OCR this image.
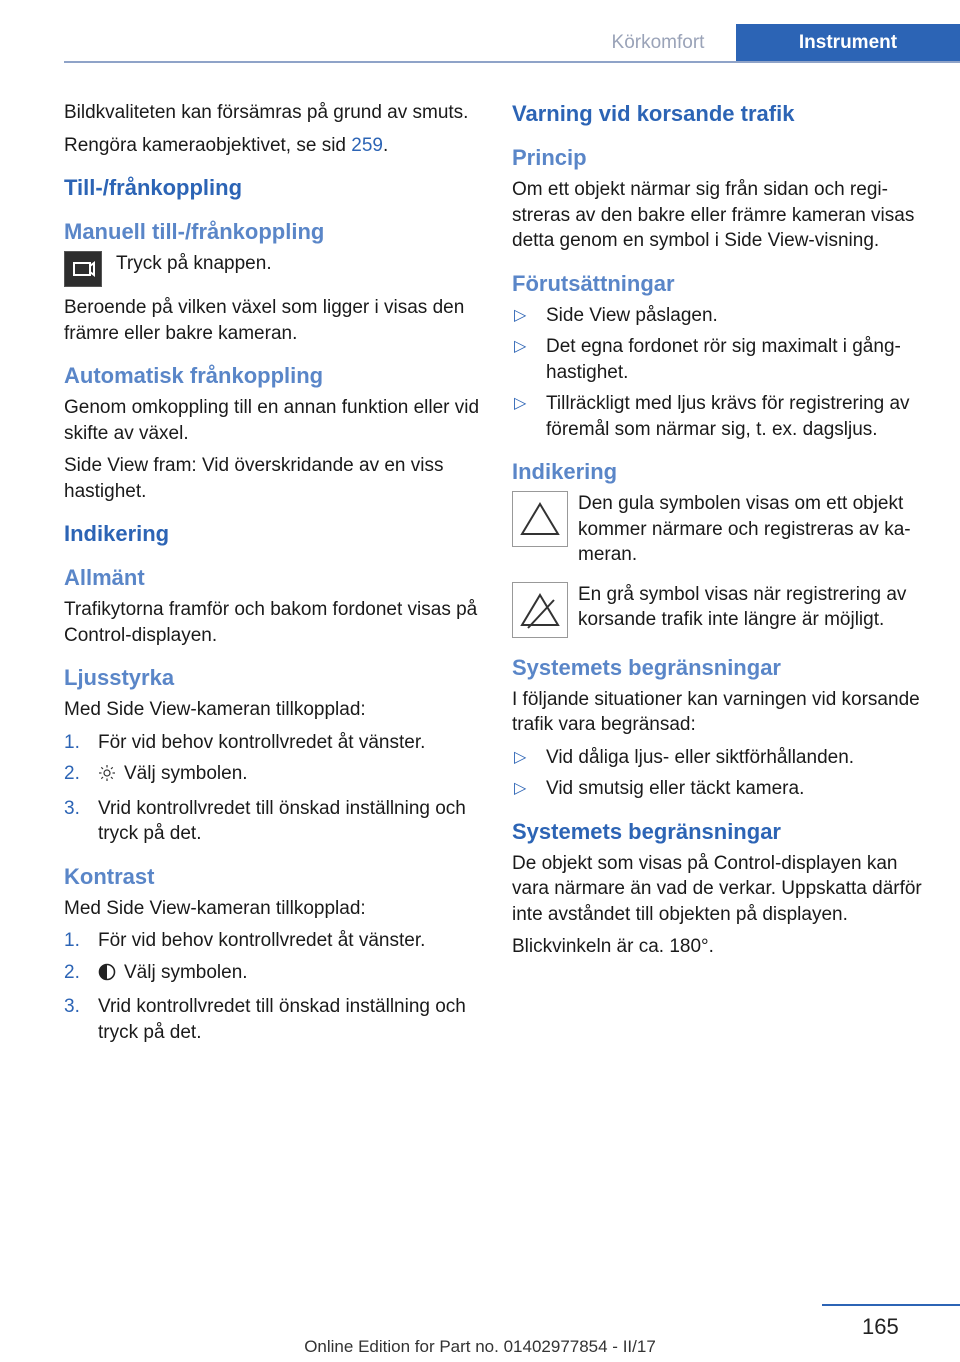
Körkomfort	Instrument

Bildkvaliteten kan försämras på grund av smuts.

Rengöra kameraobjektivet, se sid 259.

Till-/frånkoppling
Manuell till-/frånkoppling

Tryck på knappen.

Beroende på vilken växel som ligger i visas den främre eller bakre kameran.

Automatisk frånkoppling

Genom omkoppling till en annan funktion eller vid skifte av växel.

Side View fram: Vid överskridande av en viss hastighet.

Indikering
Allmänt

Trafikytorna framför och bakom fordonet visas på Control-displayen.

Ljusstyrka

Med Side View-kameran tillkopplad:

1. För vid behov kontrollvredet åt vänster.
2. Välj symbolen.
3. Vrid kontrollvredet till önskad inställning och tryck på det.
Kontrast

Med Side View-kameran tillkopplad:

1. För vid behov kontrollvredet åt vänster.
2. Välj symbolen.
3. Vrid kontrollvredet till önskad inställning och tryck på det.
Varning vid korsande trafik
Princip

Om ett objekt närmar sig från sidan och registreras av den bakre eller främre kameran visas detta genom en symbol i Side View-visning.

Förutsättningar
▷ Side View påslagen.
▷ Det egna fordonet rör sig maximalt i gånghastighet.
▷ Tillräckligt med ljus krävs för registrering av föremål som närmar sig, t. ex. dagsljus.
Indikering

Den gula symbolen visas om ett objekt kommer närmare och registreras av kameran.

En grå symbol visas när registrering av korsande trafik inte längre är möjligt.

Systemets begränsningar

I följande situationer kan varningen vid korsande trafik vara begränsad:

▷ Vid dåliga ljus- eller siktförhållanden.
▷ Vid smutsig eller täckt kamera.
Systemets begränsningar

De objekt som visas på Control-displayen kan vara närmare än vad de verkar. Uppskatta därför inte avståndet till objekten på displayen.

Blickvinkeln är ca. 180°.

165
Online Edition for Part no. 01402977854 - II/17
